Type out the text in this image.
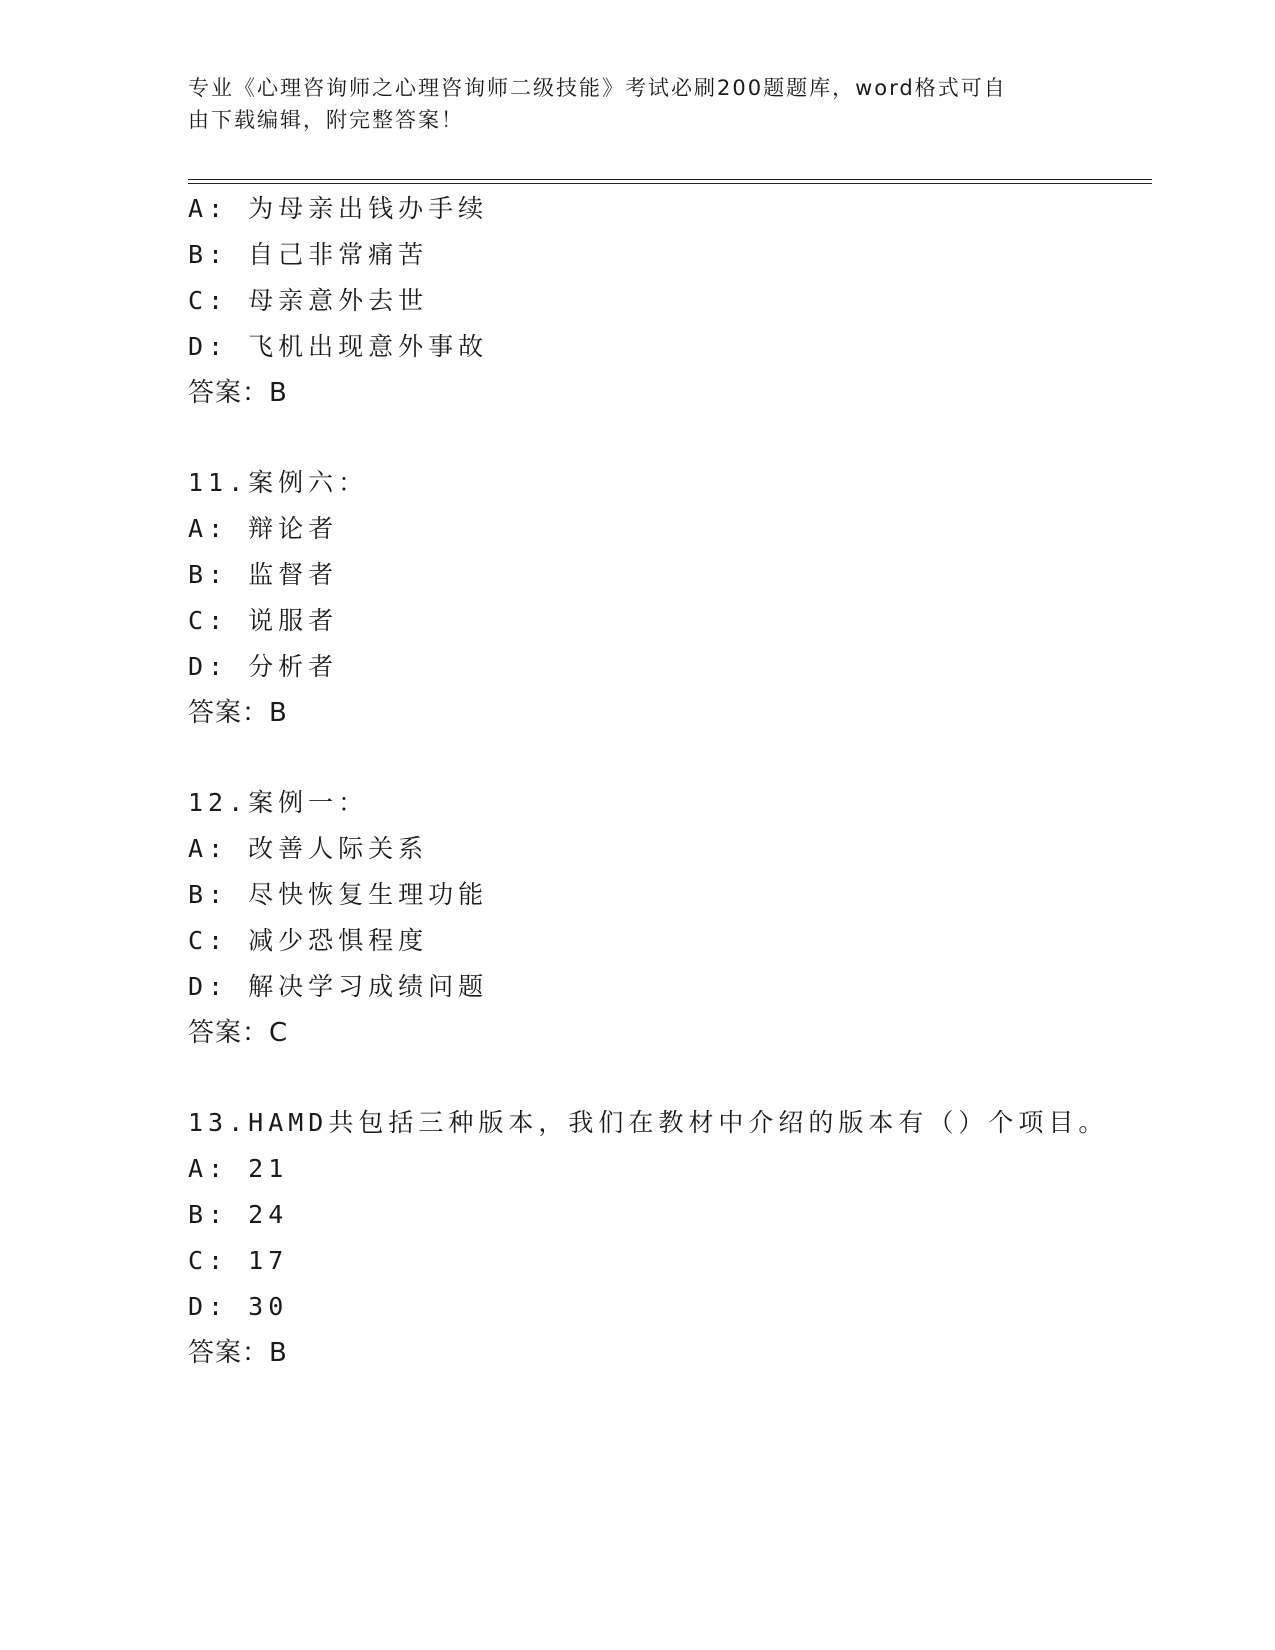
专业《心理咨询师之心理咨询师二级技能》考试必刷200题题库，word格式可自
由下载编辑，附完整答案！
A: 为母亲出钱办手续
B: 自己非常痛苦
C: 母亲意外去世
D: 飞机出现意外事故
答案：B
11.案例六：
A: 辩论者
B: 监督者
C: 说服者
D: 分析者
答案：B
12.案例一：
A: 改善人际关系
B: 尽快恢复生理功能
C: 减少恐惧程度
D: 解决学习成绩问题
答案：C
13.HAMD共包括三种版本，我们在教材中介绍的版本有（）个项目。
A: 21
B: 24
C: 17
D: 30
答案：B
